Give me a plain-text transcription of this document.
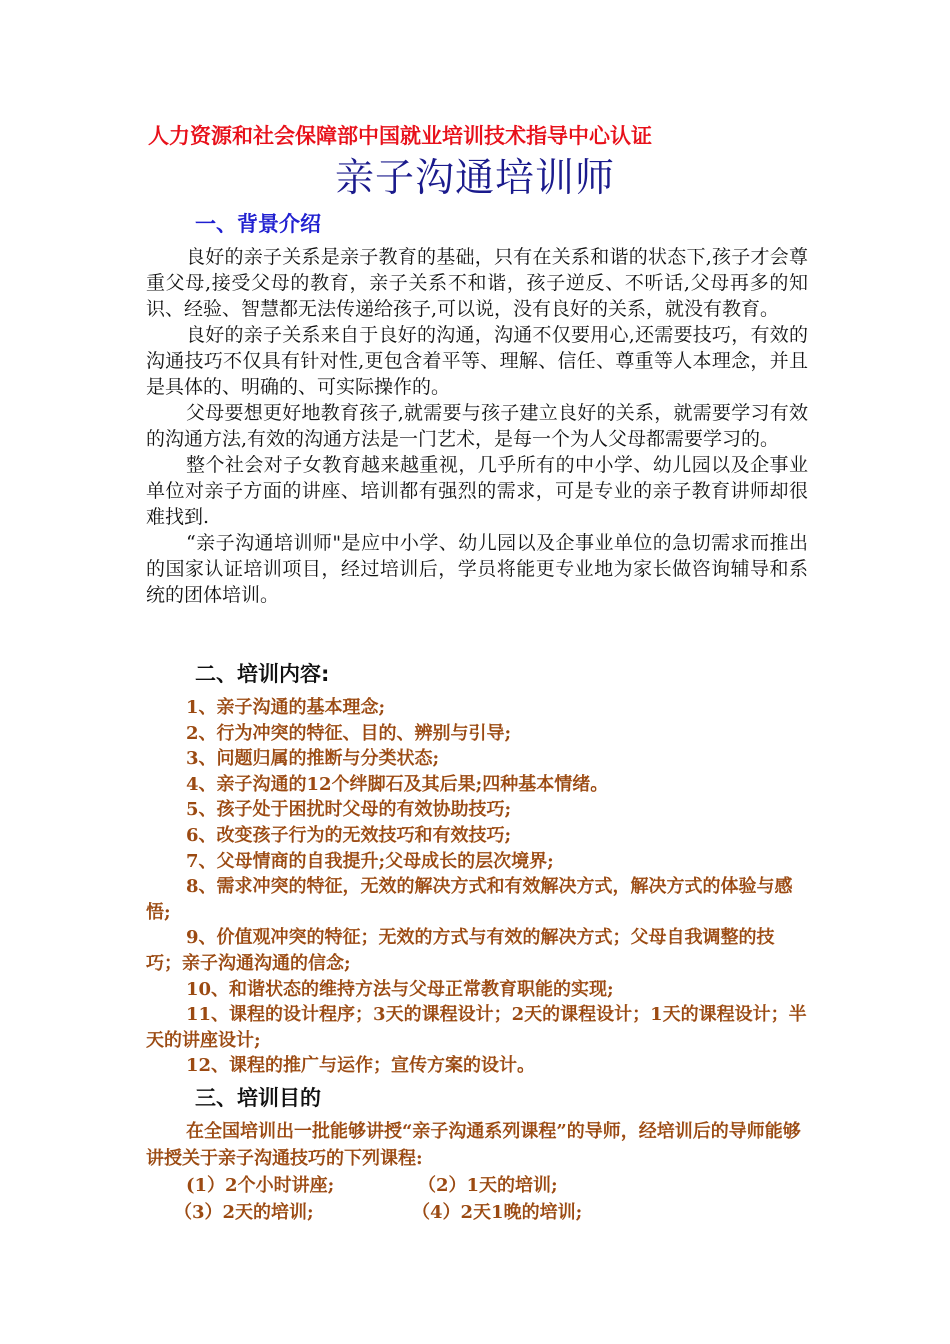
人力资源和社会保障部中国就业培训技术指导中心认证
亲子沟通培训师
一、背景介绍

良好的亲子关系是亲子教育的基础，只有在关系和谐的状态下,孩子才会尊重父母,接受父母的教育，亲子关系不和谐，孩子逆反、不听话,父母再多的知识、经验、智慧都无法传递给孩子,可以说，没有良好的关系，就没有教育。

良好的亲子关系来自于良好的沟通，沟通不仅要用心,还需要技巧，有效的沟通技巧不仅具有针对性,更包含着平等、理解、信任、尊重等人本理念，并且是具体的、明确的、可实际操作的。

父母要想更好地教育孩子,就需要与孩子建立良好的关系，就需要学习有效的沟通方法,有效的沟通方法是一门艺术，是每一个为人父母都需要学习的。

整个社会对子女教育越来越重视，几乎所有的中小学、幼儿园以及企事业单位对亲子方面的讲座、培训都有强烈的需求，可是专业的亲子教育讲师却很难找到.

“亲子沟通培训师"是应中小学、幼儿园以及企事业单位的急切需求而推出的国家认证培训项目，经过培训后，学员将能更专业地为家长做咨询辅导和系统的团体培训。

二、培训内容:

1、亲子沟通的基本理念;

2、行为冲突的特征、目的、辨别与引导;

3、问题归属的推断与分类状态;

4、亲子沟通的12个绊脚石及其后果;四种基本情绪。

5、孩子处于困扰时父母的有效协助技巧;

6、改变孩子行为的无效技巧和有效技巧;

7、父母情商的自我提升;父母成长的层次境界;

8、需求冲突的特征，无效的解决方式和有效解决方式，解决方式的体验与感悟;

9、价值观冲突的特征；无效的方式与有效的解决方式；父母自我调整的技巧；亲子沟通沟通的信念;

10、和谐状态的维持方法与父母正常教育职能的实现;

11、课程的设计程序；3天的课程设计；2天的课程设计；1天的课程设计；半天的讲座设计;

12、课程的推广与运作；宣传方案的设计。

三、培训目的

在全国培训出一批能够讲授“亲子沟通系列课程”的导师，经培训后的导师能够讲授关于亲子沟通技巧的下列课程:

(1）2个小时讲座;	（2）1天的培训;
（3）2天的培训;	（4）2天1晚的培训;
